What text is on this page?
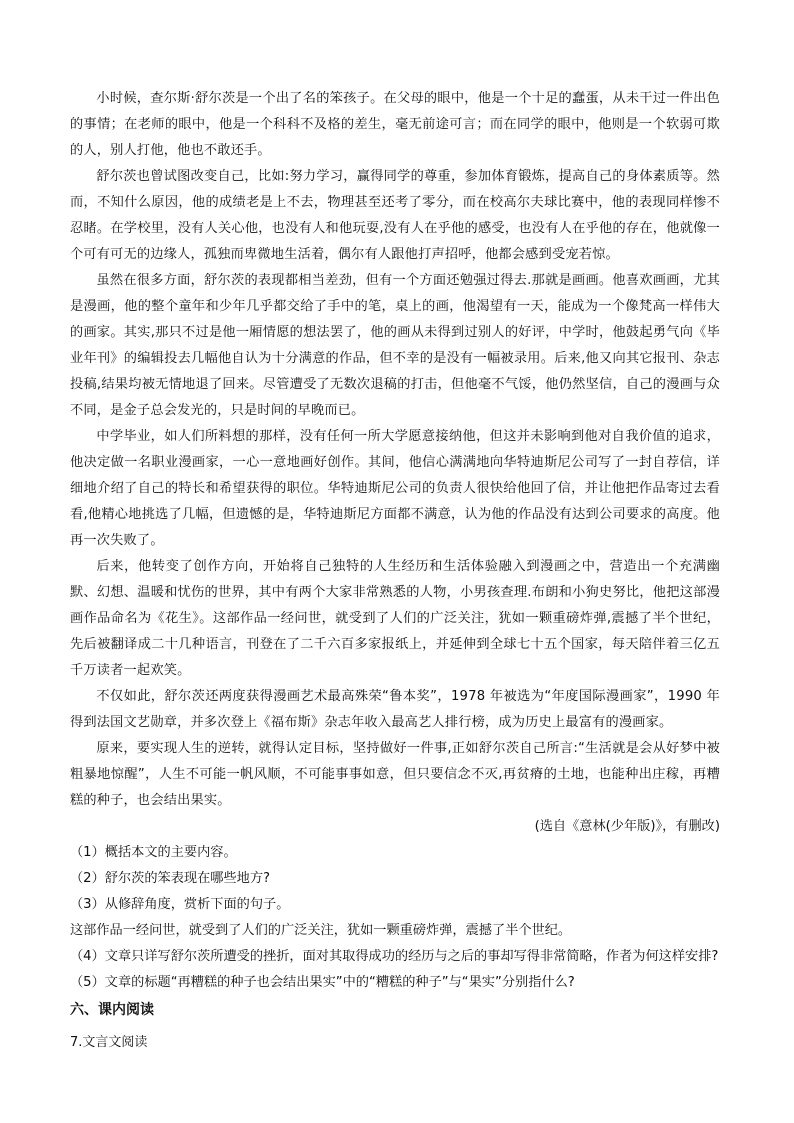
小时候，查尔斯·舒尔茨是一个出了名的笨孩子。在父母的眼中，他是一个十足的蠢蛋，从未干过一件出色的事情；在老师的眼中，他是一个科科不及格的差生，毫无前途可言；而在同学的眼中，他则是一个软弱可欺的人，别人打他，他也不敢还手。

舒尔茨也曾试图改变自己，比如:努力学习，赢得同学的尊重，参加体育锻炼，提高自己的身体素质等。然而，不知什么原因，他的成绩老是上不去，物理甚至还考了零分，而在校高尔夫球比赛中，他的表现同样惨不忍睹。在学校里，没有人关心他，也没有人和他玩耍,没有人在乎他的感受，也没有人在乎他的存在，他就像一个可有可无的边缘人，孤独而卑微地生活着，偶尔有人跟他打声招呼，他都会感到受宠若惊。

虽然在很多方面，舒尔茨的表现都相当差劲，但有一个方面还勉强过得去.那就是画画。他喜欢画画，尤其是漫画，他的整个童年和少年几乎都交给了手中的笔，桌上的画，他渴望有一天，能成为一个像梵高一样伟大的画家。其实,那只不过是他一厢情愿的想法罢了，他的画从未得到过别人的好评，中学时，他鼓起勇气向《毕业年刊》的编辑投去几幅他自认为十分满意的作品，但不幸的是没有一幅被录用。后来,他又向其它报刊、杂志投稿,结果均被无情地退了回来。尽管遭受了无数次退稿的打击，但他毫不气馁，他仍然坚信，自己的漫画与众不同，是金子总会发光的，只是时间的早晚而已。

中学毕业，如人们所料想的那样，没有任何一所大学愿意接纳他，但这并未影响到他对自我价值的追求，他决定做一名职业漫画家，一心一意地画好创作。其间，他信心满满地向华特迪斯尼公司写了一封自荐信，详细地介绍了自己的特长和希望获得的职位。华特迪斯尼公司的负责人很快给他回了信，并让他把作品寄过去看看,他精心地挑选了几幅，但遗憾的是，华特迪斯尼方面都不满意，认为他的作品没有达到公司要求的高度。他再一次失败了。

后来，他转变了创作方向，开始将自己独特的人生经历和生活体验融入到漫画之中，营造出一个充满幽默、幻想、温暖和忧伤的世界，其中有两个大家非常熟悉的人物，小男孩查理.布朗和小狗史努比，他把这部漫画作品命名为《花生》。这部作品一经问世，就受到了人们的广泛关注，犹如一颗重磅炸弹,震撼了半个世纪，先后被翻译成二十几种语言，刊登在了二千六百多家报纸上，并延伸到全球七十五个国家，每天陪伴着三亿五千万读者一起欢笑。

不仅如此，舒尔茨还两度获得漫画艺术最高殊荣“鲁本奖”，1978 年被选为“年度国际漫画家”，1990 年得到法国文艺勋章，并多次登上《福布斯》杂志年收入最高艺人排行榜，成为历史上最富有的漫画家。

原来，要实现人生的逆转，就得认定目标，坚持做好一件事,正如舒尔茨自己所言:“生活就是会从好梦中被粗暴地惊醒”，人生不可能一帆风顺，不可能事事如意，但只要信念不灭,再贫瘠的土地，也能种出庄稼，再糟糕的种子，也会结出果实。

(选自《意林(少年版)》，有删改)

（1）概括本文的主要内容。

（2）舒尔茨的笨表现在哪些地方?

（3）从修辞角度，赏析下面的句子。

这部作品一经问世，就受到了人们的广泛关注，犹如一颗重磅炸弹，震撼了半个世纪。

（4）文章只详写舒尔茨所遭受的挫折，面对其取得成功的经历与之后的事却写得非常简略，作者为何这样安排?

（5）文章的标题“再糟糕的种子也会结出果实”中的“糟糕的种子”与“果实”分别指什么?

六、课内阅读

7.文言文阅读
